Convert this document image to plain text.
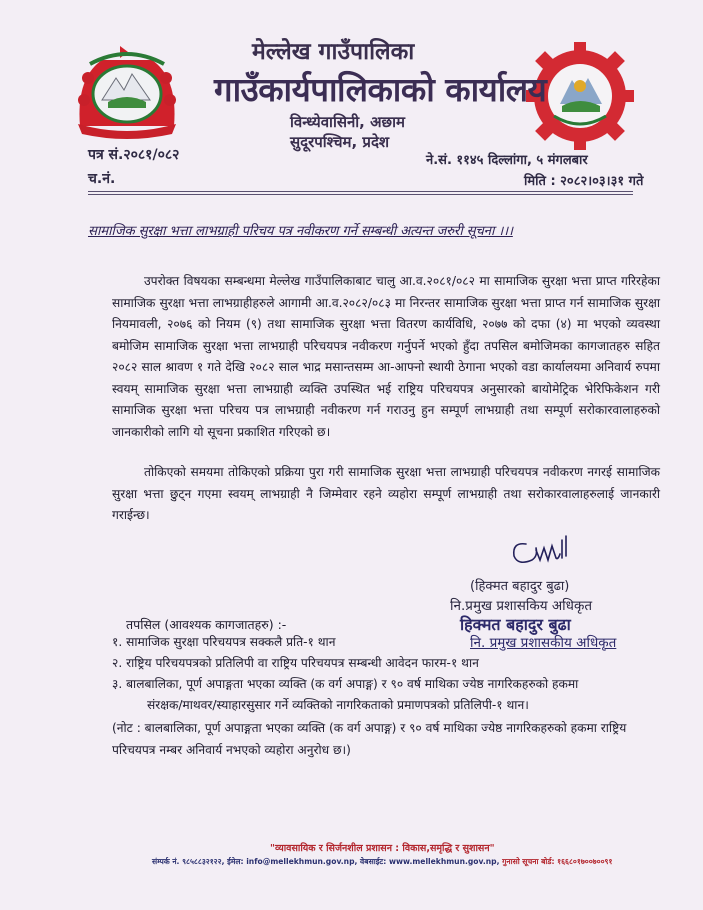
मेल्लेख गाउँपालिका
गाउँकार्यपालिकाको कार्यालय
विन्ध्येवासिनी, अछाम
सुदूरपश्चिम, प्रदेश
पत्र सं.२०८१/०८२
च.नं.
ने.सं. ११४५ दिल्लांगा, ५ मंगलबार
मिति : २०८२।०३।३१ गते
सामाजिक सुरक्षा भत्ता लाभग्राही परिचय पत्र नवीकरण गर्ने सम्बन्धी अत्यन्त जरुरी सूचना ।।।
उपरोक्त विषयका सम्बन्धमा मेल्लेख गाउँपालिकाबाट चालु आ.व.२०८१/०८२ मा सामाजिक सुरक्षा भत्ता प्राप्त गरिरहेका सामाजिक सुरक्षा भत्ता लाभग्राहीहरुले आगामी आ.व.२०८२/०८३ मा निरन्तर सामाजिक सुरक्षा भत्ता प्राप्त गर्न सामाजिक सुरक्षा नियमावली, २०७६ को नियम (९) तथा सामाजिक सुरक्षा भत्ता वितरण कार्यविधि, २०७७ को दफा (४) मा भएको व्यवस्था बमोजिम सामाजिक सुरक्षा भत्ता लाभग्राही परिचयपत्र नवीकरण गर्नुपर्ने भएको हुँदा तपसिल बमोजिमका कागजातहरु सहित २०८२ साल श्रावण १ गते देखि २०८२ साल भाद्र मसान्तसम्म आ-आफ्नो स्थायी ठेगाना भएको वडा कार्यालयमा अनिवार्य रुपमा स्वयम् सामाजिक सुरक्षा भत्ता लाभग्राही व्यक्ति उपस्थित भई राष्ट्रिय परिचयपत्र अनुसारको बायोमेट्रिक भेरिफिकेशन गरी सामाजिक सुरक्षा भत्ता परिचय पत्र लाभग्राही नवीकरण गर्न गराउनु हुन सम्पूर्ण लाभग्राही तथा सम्पूर्ण सरोकारवालाहरुको जानकारीको लागि यो सूचना प्रकाशित गरिएको छ।
तोकिएको समयमा तोकिएको प्रक्रिया पुरा गरी सामाजिक सुरक्षा भत्ता लाभग्राही परिचयपत्र नवीकरण नगरई सामाजिक सुरक्षा भत्ता छुट्न गएमा स्वयम् लाभग्राही नै जिम्मेवार रहने व्यहोरा सम्पूर्ण लाभग्राही तथा सरोकारवालाहरुलाई जानकारी गराईन्छ।
(हिक्मत बहादुर बुढा)
नि.प्रमुख प्रशासकिय अधिकृत
हिक्मत बहादुर बुढा
नि. प्रमुख प्रशासकीय अधिकृत
तपसिल (आवश्यक कागजातहरु) :-
१. सामाजिक सुरक्षा परिचयपत्र सक्कलै प्रति-१ थान
२. राष्ट्रिय परिचयपत्रको प्रतिलिपी वा राष्ट्रिय परिचयपत्र सम्बन्धी आवेदन फारम-१ थान
३. बालबालिका, पूर्ण अपाङ्गता भएका व्यक्ति (क वर्ग अपाङ्ग) र ९० वर्ष माथिका ज्येष्ठ नागरिकहरुको हकमा
संरक्षक/माथवर/स्याहारसुसार गर्ने व्यक्तिको नागरिकताको प्रमाणपत्रको प्रतिलिपी-१ थान।
(नोट : बालबालिका, पूर्ण अपाङ्गता भएका व्यक्ति (क वर्ग अपाङ्ग) र ९० वर्ष माथिका ज्येष्ठ नागरिकहरुको हकमा राष्ट्रिय परिचयपत्र नम्बर अनिवार्य नभएको व्यहोरा अनुरोध छ।)
"व्यावसायिक र सिर्जनशील प्रशासन : विकास,समृद्धि र सुशासन"
संम्पर्क नं. ९८५८८३२१२२, ईमेल: info@mellekhmun.gov.np, वेबसाईट: www.mellekhmun.gov.np, गुनासो सूचना बोर्ड: १६६८०१७००७००९१
